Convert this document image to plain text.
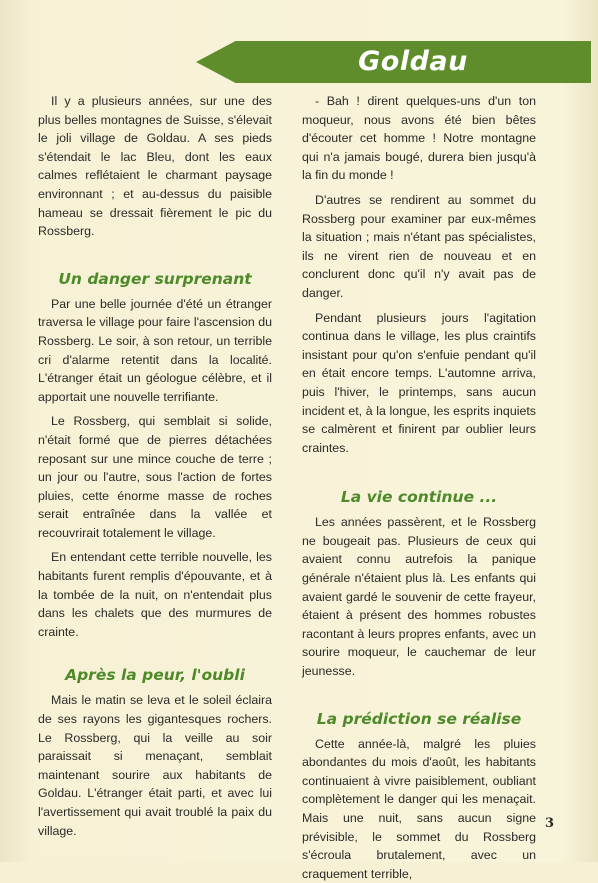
Goldau

Il y a plusieurs années, sur une des plus belles montagnes de Suisse, s'élevait le joli village de Goldau. A ses pieds s'étendait le lac Bleu, dont les eaux calmes reflétaient le charmant paysage environnant ; et au-dessus du paisible hameau se dressait fièrement le pic du Rossberg.

Un danger surprenant

Par une belle journée d'été un étranger traversa le village pour faire l'ascension du Rossberg. Le soir, à son retour, un terrible cri d'alarme retentit dans la localité. L'étranger était un géologue célèbre, et il apportait une nouvelle terrifiante.

Le Rossberg, qui semblait si solide, n'était formé que de pierres détachées reposant sur une mince couche de terre ; un jour ou l'autre, sous l'action de fortes pluies, cette énorme masse de roches serait entraînée dans la vallée et recouvrirait totalement le village.

En entendant cette terrible nouvelle, les habitants furent remplis d'épouvante, et à la tombée de la nuit, on n'entendait plus dans les chalets que des murmures de crainte.

Après la peur, l'oubli

Mais le matin se leva et le soleil éclaira de ses rayons les gigantesques rochers. Le Rossberg, qui la veille au soir paraissait si menaçant, semblait maintenant sourire aux habitants de Goldau. L'étranger était parti, et avec lui l'avertissement qui avait troublé la paix du village.

- Bah ! dirent quelques-uns d'un ton moqueur, nous avons été bien bêtes d'écouter cet homme ! Notre montagne qui n'a jamais bougé, durera bien jusqu'à la fin du monde !

D'autres se rendirent au sommet du Rossberg pour examiner par eux-mêmes la situation ; mais n'étant pas spécialistes, ils ne virent rien de nouveau et en conclurent donc qu'il n'y avait pas de danger.

Pendant plusieurs jours l'agitation continua dans le village, les plus craintifs insistant pour qu'on s'enfuie pendant qu'il en était encore temps. L'automne arriva, puis l'hiver, le printemps, sans aucun incident et, à la longue, les esprits inquiets se calmèrent et finirent par oublier leurs craintes.

La vie continue ...

Les années passèrent, et le Rossberg ne bougeait pas. Plusieurs de ceux qui avaient connu autrefois la panique générale n'étaient plus là. Les enfants qui avaient gardé le souvenir de cette frayeur, étaient à présent des hommes robustes racontant à leurs propres enfants, avec un sourire moqueur, le cauchemar de leur jeunesse.

La prédiction se réalise

Cette année-là, malgré les pluies abondantes du mois d'août, les habitants continuaient à vivre paisiblement, oubliant complètement le danger qui les menaçait. Mais une nuit, sans aucun signe prévisible, le sommet du Rossberg s'écroula brutalement, avec un craquement terrible,

3
